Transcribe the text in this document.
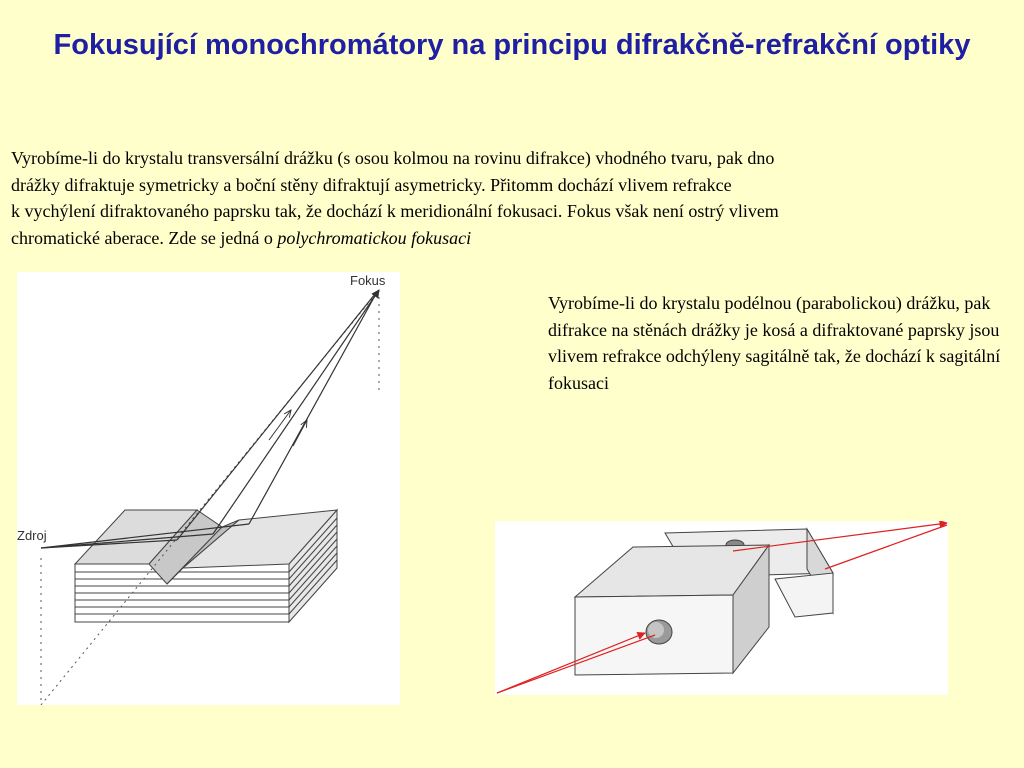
Fokusující monochromátory na principu difrakčně-refrakční optiky

Vyrobíme-li do krystalu transversální drážku (s osou kolmou na rovinu difrakce) vhodného tvaru, pak dno
drážky difraktuje symetricky a boční stěny difraktují asymetricky. Přitomm dochází vlivem refrakce
k vychýlení difraktovaného paprsku tak, že dochází k meridionální fokusaci. Fokus však není ostrý vlivem
chromatické aberace. Zde se jedná o polychromatickou fokusaci

Vyrobíme-li do krystalu podélnou (parabolickou) drážku, pak difrakce na stěnách drážky je kosá a difraktované paprsky jsou vlivem refrakce odchýleny sagitálně tak, že dochází k sagitální fokusaci

Fokus
Zdroj
